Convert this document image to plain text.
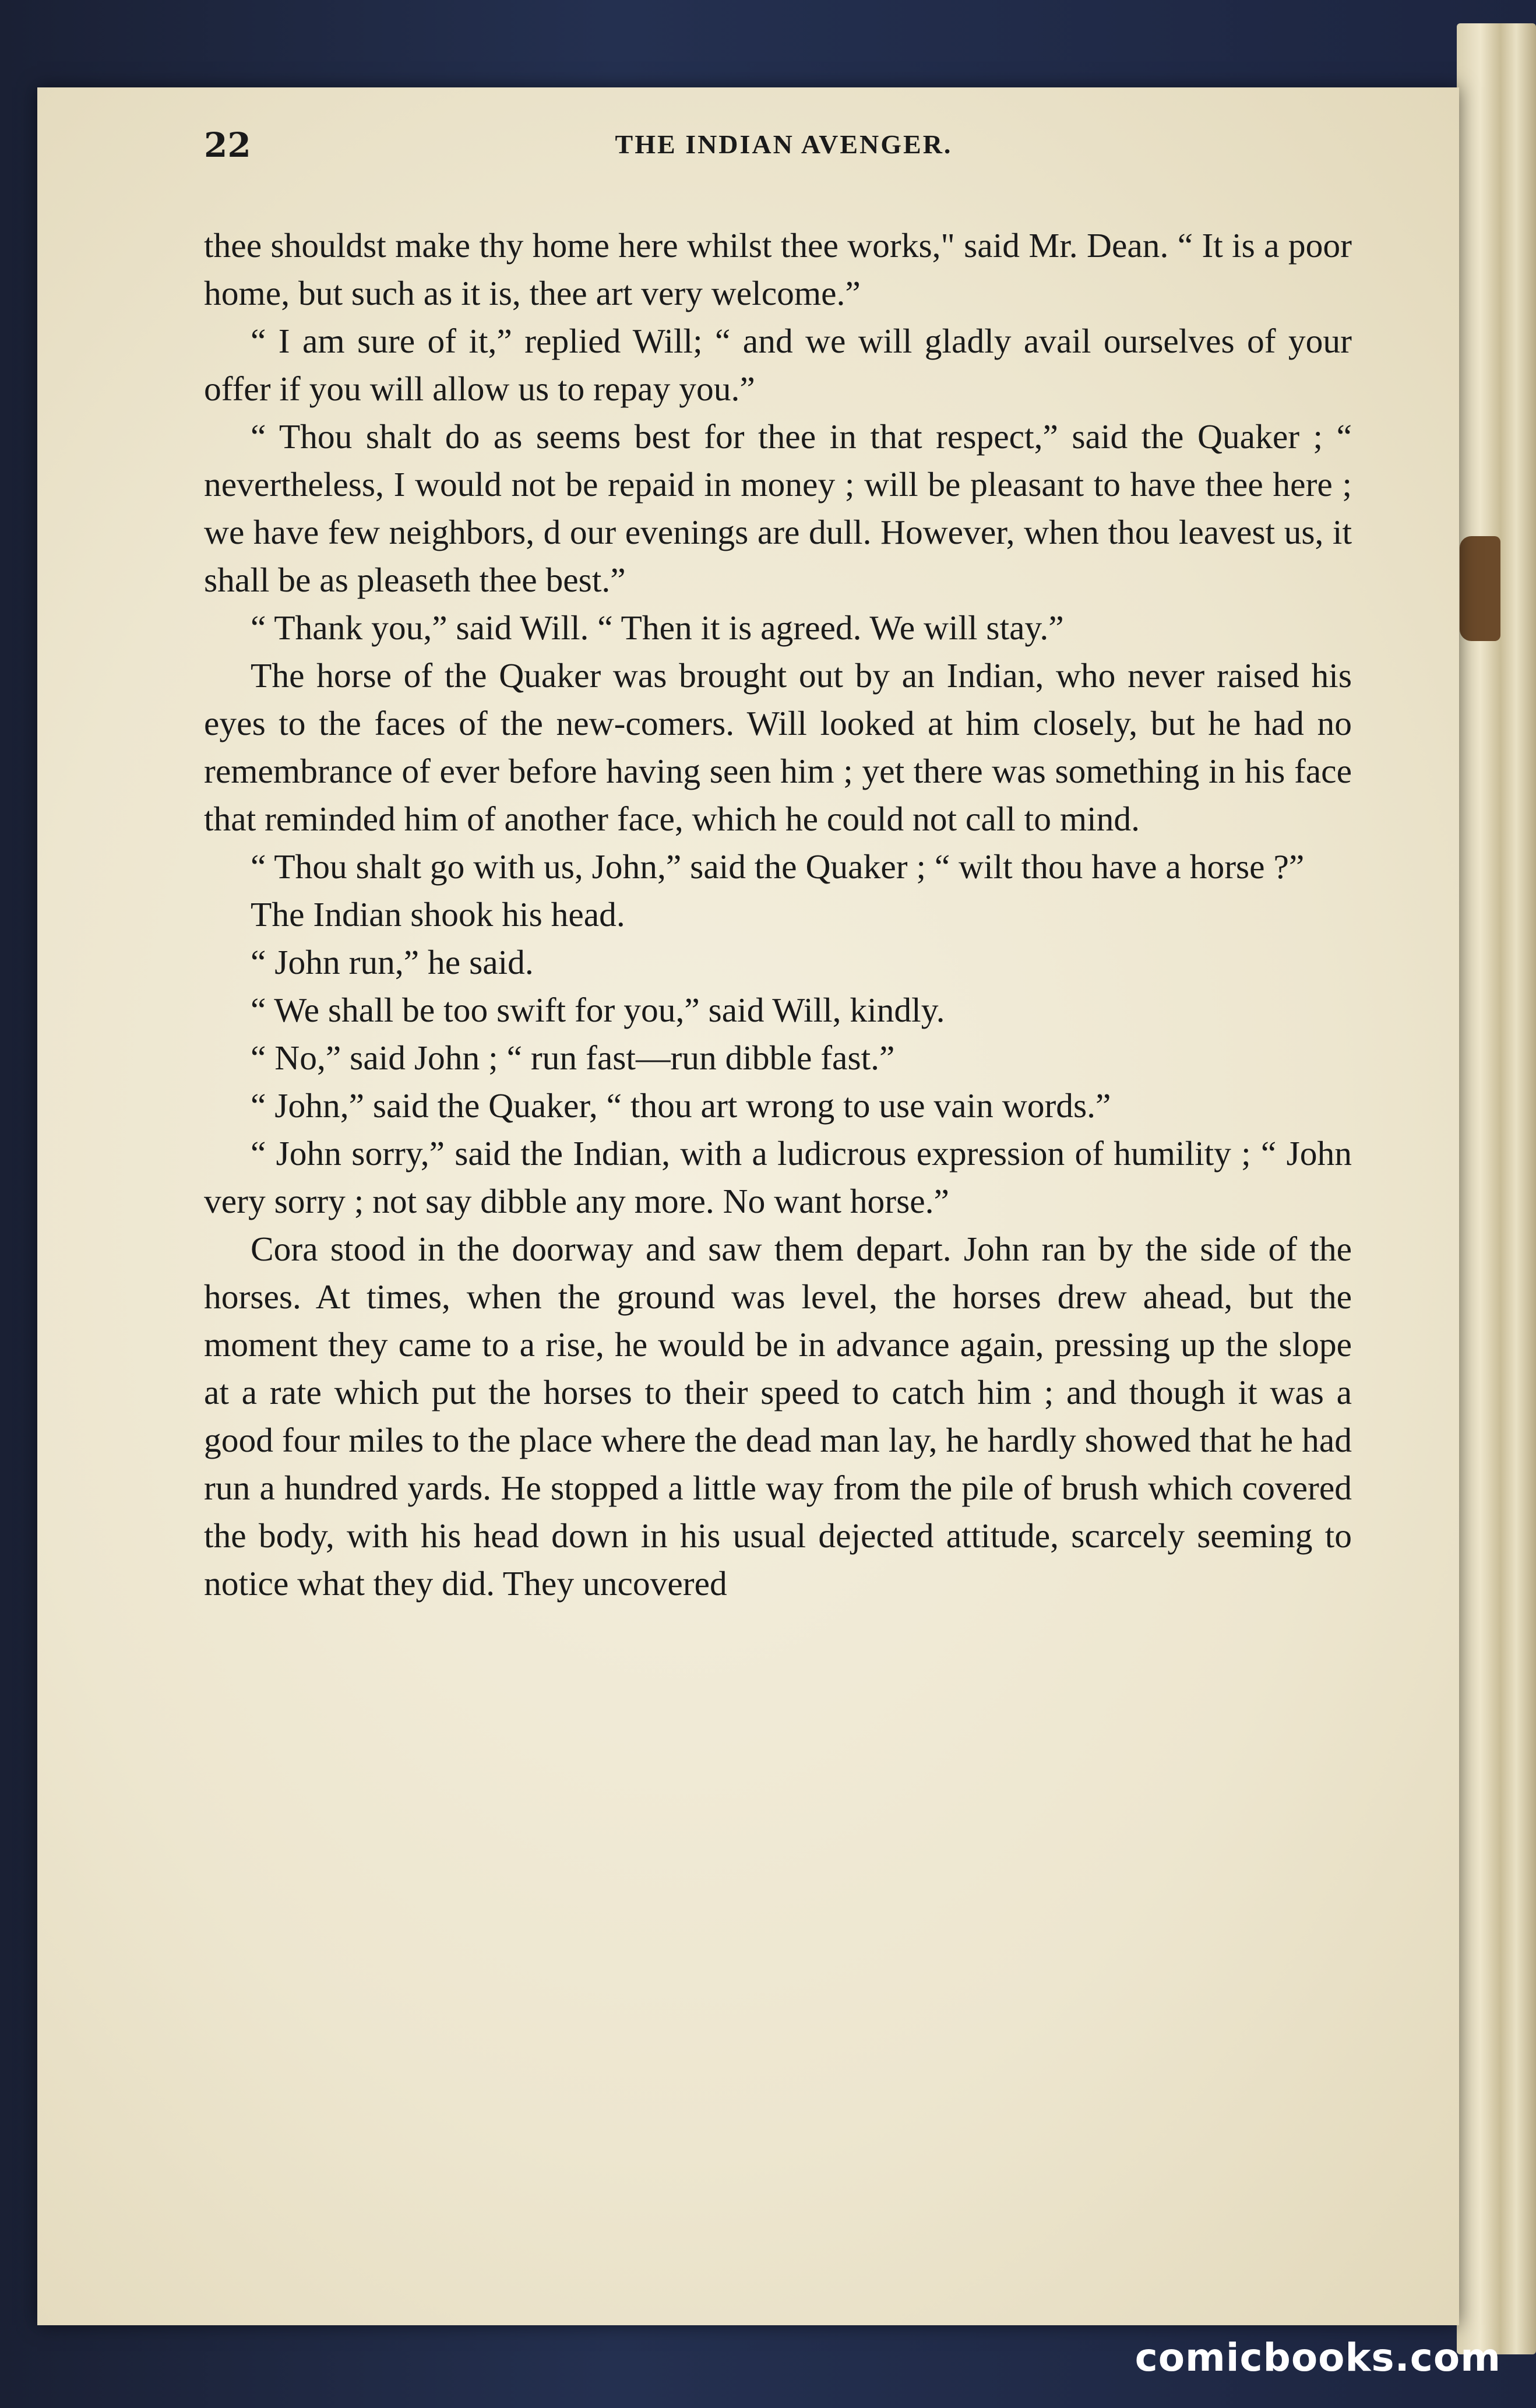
22	THE INDIAN AVENGER.

thee shouldst make thy home here whilst thee works," said Mr. Dean. “ It is a poor home, but such as it is, thee art very welcome.”

“ I am sure of it,” replied Will; “ and we will gladly avail ourselves of your offer if you will allow us to repay you.”

“ Thou shalt do as seems best for thee in that respect,” said the Quaker ; “ nevertheless, I would not be repaid in money ; will be pleasant to have thee here ; we have few neighbors, d our evenings are dull. However, when thou leavest us, it shall be as pleaseth thee best.”

“ Thank you,” said Will. “ Then it is agreed. We will stay.”

The horse of the Quaker was brought out by an Indian, who never raised his eyes to the faces of the new-comers. Will looked at him closely, but he had no remembrance of ever before having seen him ; yet there was something in his face that reminded him of another face, which he could not call to mind.

“ Thou shalt go with us, John,” said the Quaker ; “ wilt thou have a horse ?”

The Indian shook his head.

“ John run,” he said.

“ We shall be too swift for you,” said Will, kindly.

“ No,” said John ; “ run fast—run dibble fast.”

“ John,” said the Quaker, “ thou art wrong to use vain words.”

“ John sorry,” said the Indian, with a ludicrous expression of humility ; “ John very sorry ; not say dibble any more. No want horse.”

Cora stood in the doorway and saw them depart. John ran by the side of the horses. At times, when the ground was level, the horses drew ahead, but the moment they came to a rise, he would be in advance again, pressing up the slope at a rate which put the horses to their speed to catch him ; and though it was a good four miles to the place where the dead man lay, he hardly showed that he had run a hundred yards. He stopped a little way from the pile of brush which covered the body, with his head down in his usual dejected attitude, scarcely seeming to notice what they did. They uncovered

comicbooks.com
